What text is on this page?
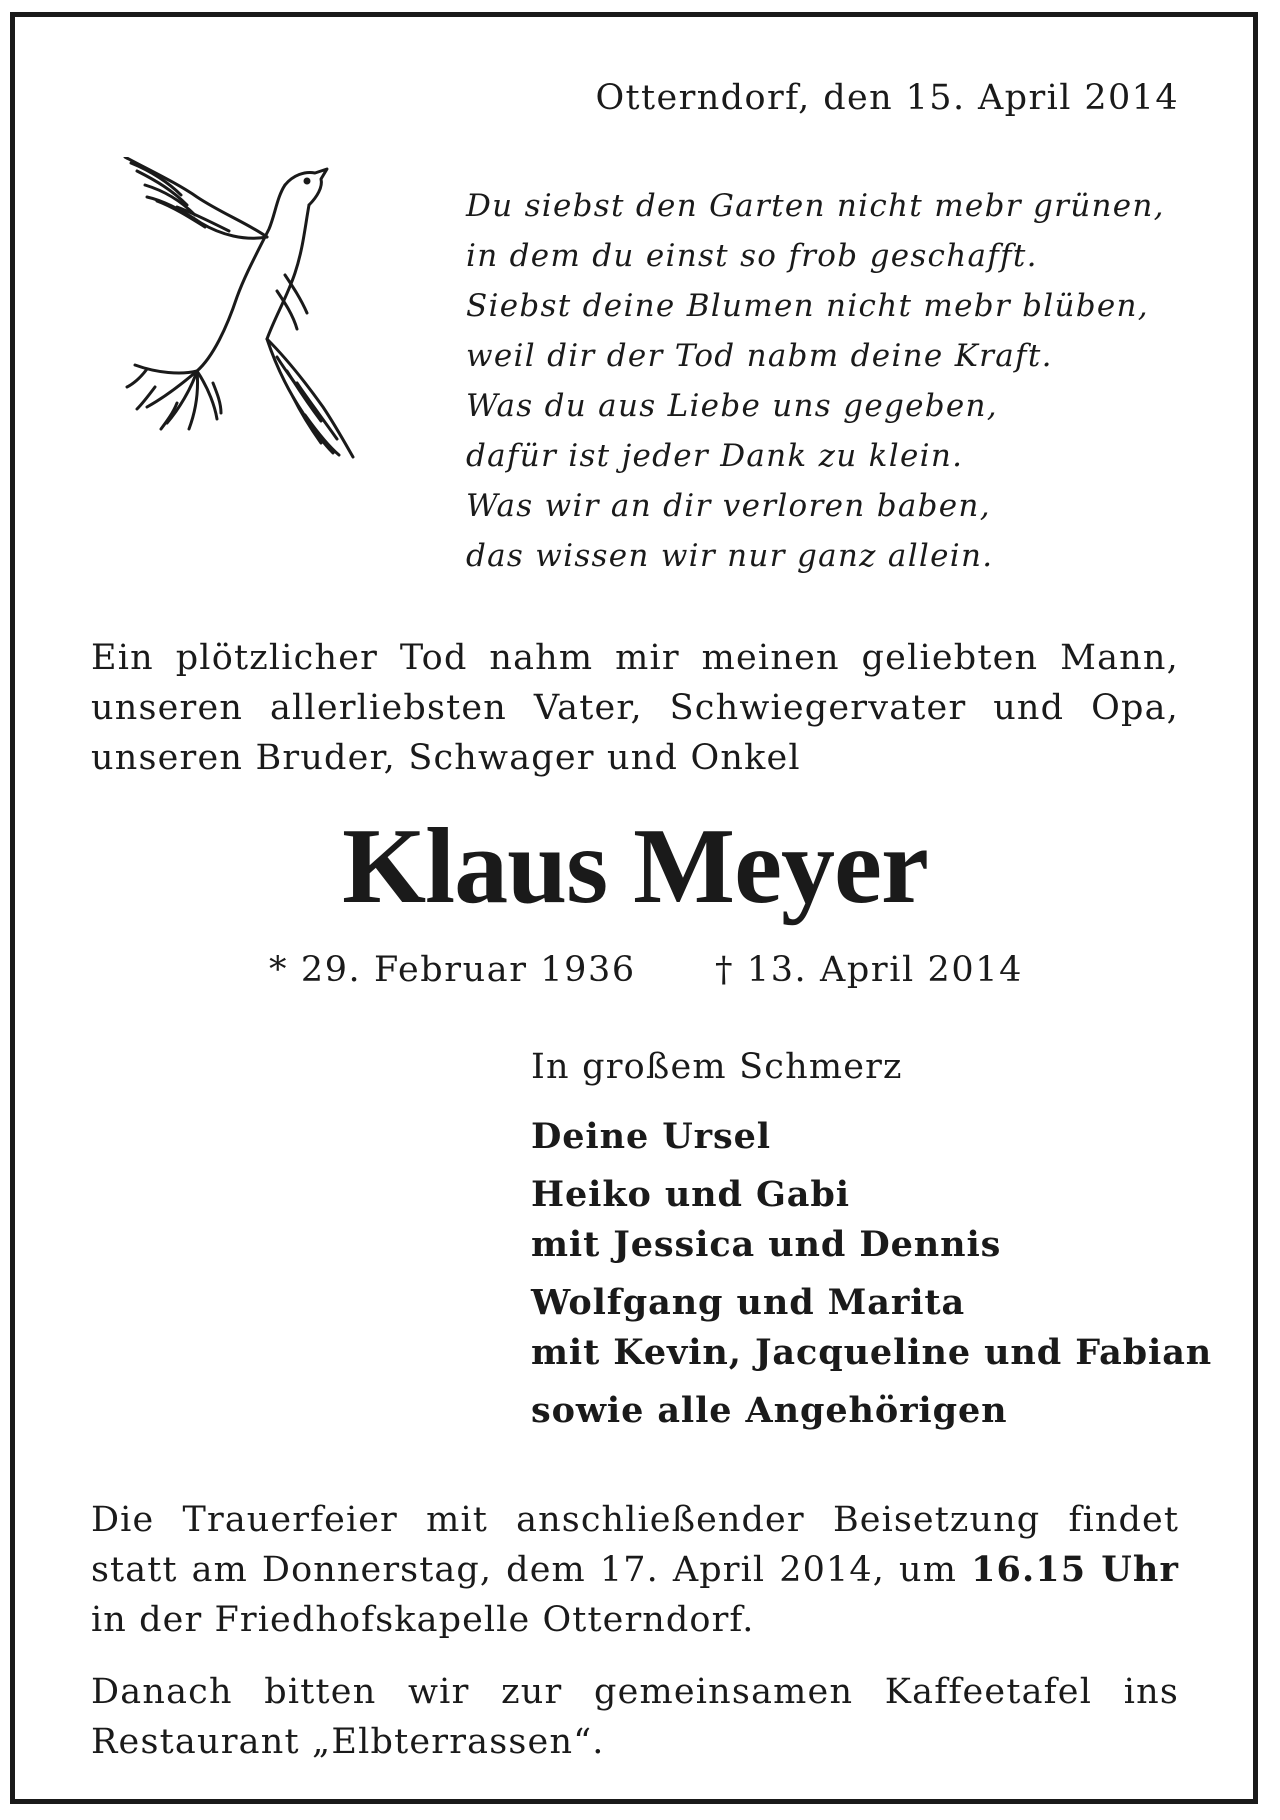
Otterndorf, den 15. April 2014
Du siebst den Garten nicht mebr grünen,
in dem du einst so frob geschafft.
Siebst deine Blumen nicht mebr blüben,
weil dir der Tod nabm deine Kraft.
Was du aus Liebe uns gegeben,
dafür ist jeder Dank zu klein.
Was wir an dir verloren baben,
das wissen wir nur ganz allein.
Ein plötzlicher Tod nahm mir meinen geliebten Mann,
unseren allerliebsten Vater, Schwiegervater und Opa,
unseren Bruder, Schwager und Onkel
Klaus Meyer
* 29. Februar 1936 † 13. April 2014
In großem Schmerz
Deine Ursel
Heiko und Gabi
mit Jessica und Dennis
Wolfgang und Marita
mit Kevin, Jacqueline und Fabian
sowie alle Angehörigen
Die Trauerfeier mit anschließender Beisetzung findet
statt am Donnerstag, dem 17. April 2014, um 16.15 Uhr
in der Friedhofskapelle Otterndorf.
Danach bitten wir zur gemeinsamen Kaffeetafel ins
Restaurant „Elbterrassen“.
